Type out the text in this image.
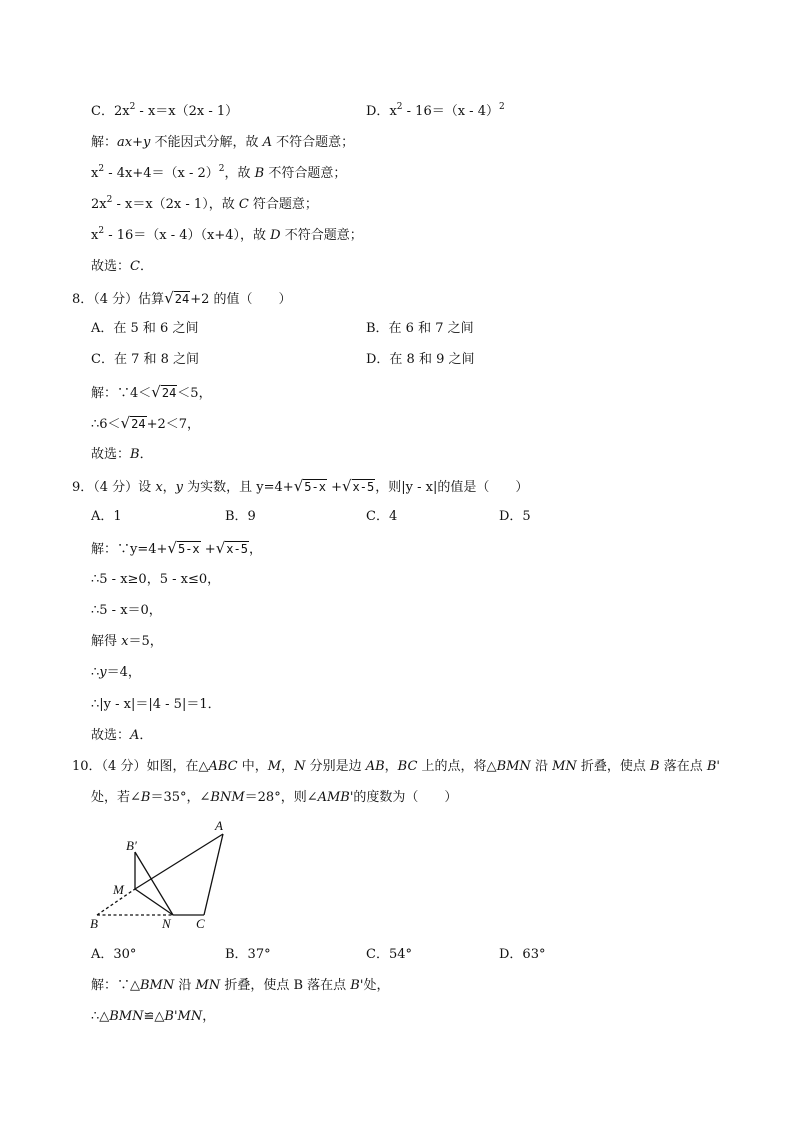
C．$2x^2 - x=x(2x - 1)$	D．$x^2 - 16=(x - 4)^2$
解：ax+y 不能因式分解，故 A 不符合题意；
$x^2 - 4x+4=(x - 2)^2$，故 B 不符合题意；
$2x^2 - x=x(2x - 1)$，故 C 符合题意；
$x^2 - 16=(x - 4)(x+4)$，故 D 不符合题意；
故选：C．
8．（4 分）估算√24+2 的值（　　）
A．在 5 和 6 之间	B．在 6 和 7 之间
C．在 7 和 8 之间	D．在 8 和 9 之间
解：∵4＜√24＜5，
∴6＜√24+2＜7，
故选：B．
9．（4 分）设 x，y 为实数，且 y=4+√5-x +√x-5，则|y - x|的值是（　　）
A．1	B．9	C．4	D．5
解：∵y=4+√5-x +√x-5，
∴5 - x≥0，5 - x≤0，
∴5 - x＝0，
解得 x＝5，
∴y＝4，
∴|y - x|＝|4 - 5|＝1．
故选：A．
10．（4 分）如图，在△ABC 中，M，N 分别是边 AB，BC 上的点，将△BMN 沿 MN 折叠，使点 B 落在点 B'
处，若∠B＝35°，∠BNM＝28°，则∠AMB'的度数为（　　）
A
B′
M
B	N C
A．30°	B．37°	C．54°	D．63°
解：∵△BMN 沿 MN 折叠，使点 B 落在点 B'处，
∴△BMN≌△B'MN，
